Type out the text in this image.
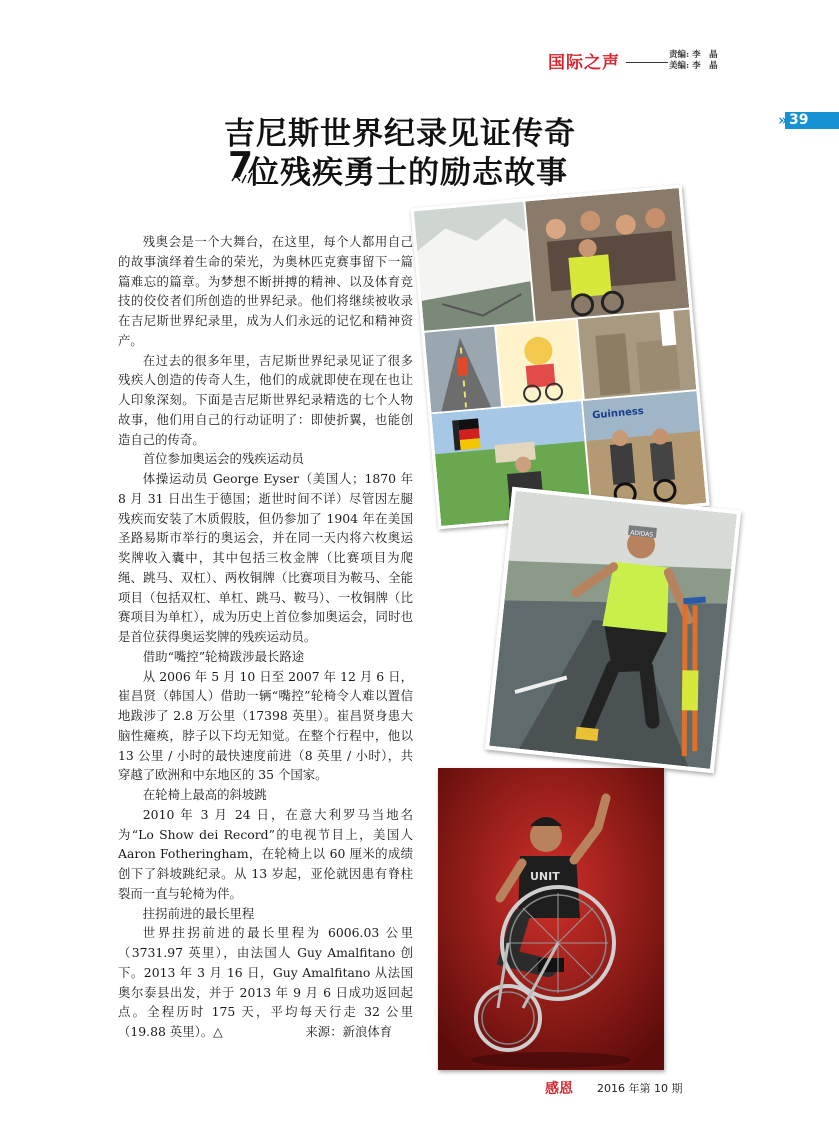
国际之声	责编: 李　晶
美编: 李　晶
» 39
吉尼斯世界纪录见证传奇
7
位残疾勇士的励志故事

残奥会是一个大舞台，在这里，每个人都用自己的故事演绎着生命的荣光，为奥林匹克赛事留下一篇篇难忘的篇章。为梦想不断拼搏的精神、以及体育竞技的佼佼者们所创造的世界纪录。他们将继续被收录在吉尼斯世界纪录里，成为人们永远的记忆和精神资产。

在过去的很多年里，吉尼斯世界纪录见证了很多残疾人创造的传奇人生，他们的成就即使在现在也让人印象深刻。下面是吉尼斯世界纪录精选的七个人物故事，他们用自己的行动证明了：即使折翼，也能创造自己的传奇。

首位参加奥运会的残疾运动员

体操运动员 George Eyser（美国人；1870 年 8 月 31 日出生于德国；逝世时间不详）尽管因左腿残疾而安装了木质假肢，但仍参加了 1904 年在美国圣路易斯市举行的奥运会，并在同一天内将六枚奥运奖牌收入囊中，其中包括三枚金牌（比赛项目为爬绳、跳马、双杠）、两枚铜牌（比赛项目为鞍马、全能项目（包括双杠、单杠、跳马、鞍马）、一枚铜牌（比赛项目为单杠），成为历史上首位参加奥运会，同时也是首位获得奥运奖牌的残疾运动员。

借助“嘴控”轮椅跋涉最长路途

从 2006 年 5 月 10 日至 2007 年 12 月 6 日，崔昌贤（韩国人）借助一辆“嘴控”轮椅令人难以置信地跋涉了 2.8 万公里（17398 英里）。崔昌贤身患大脑性瘫痪，脖子以下均无知觉。在整个行程中，他以 13 公里 / 小时的最快速度前进（8 英里 / 小时），共穿越了欧洲和中东地区的 35 个国家。

在轮椅上最高的斜坡跳

2010 年 3 月 24 日，在意大利罗马当地名为“Lo Show dei Record”的电视节目上，美国人 Aaron Fotheringham，在轮椅上以 60 厘米的成绩创下了斜坡跳纪录。从 13 岁起，亚伦就因患有脊柱裂而一直与轮椅为伴。

拄拐前进的最长里程

世界拄拐前进的最长里程为 6006.03 公里（3731.97 英里），由法国人 Guy Amalfitano 创下。2013 年 3 月 16 日，Guy Amalfitano 从法国奥尔泰县出发，并于 2013 年 9 月 6 日成功返回起点。全程历时 175 天，平均每天行走 32 公里（19.88 英里）。△	来源：新浪体育

Guinness
ADIDAS
UNIT
感恩 2016 年第 10 期
